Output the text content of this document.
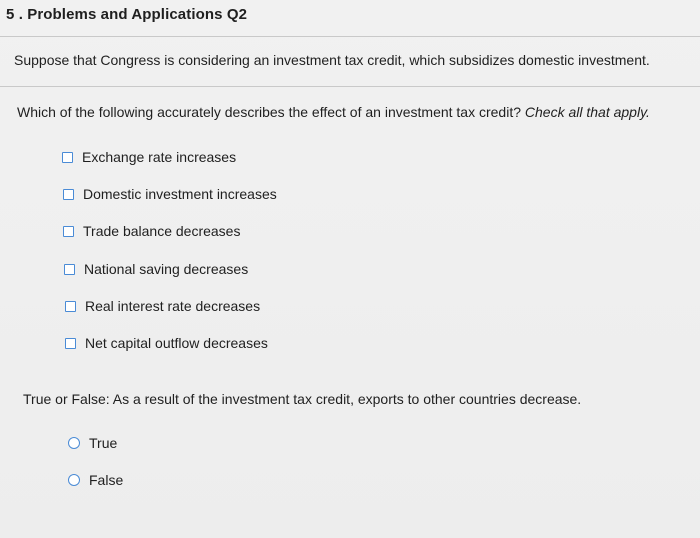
5 . Problems and Applications Q2
Suppose that Congress is considering an investment tax credit, which subsidizes domestic investment.
Which of the following accurately describes the effect of an investment tax credit? Check all that apply.
Exchange rate increases
Domestic investment increases
Trade balance decreases
National saving decreases
Real interest rate decreases
Net capital outflow decreases
True or False: As a result of the investment tax credit, exports to other countries decrease.
True
False
